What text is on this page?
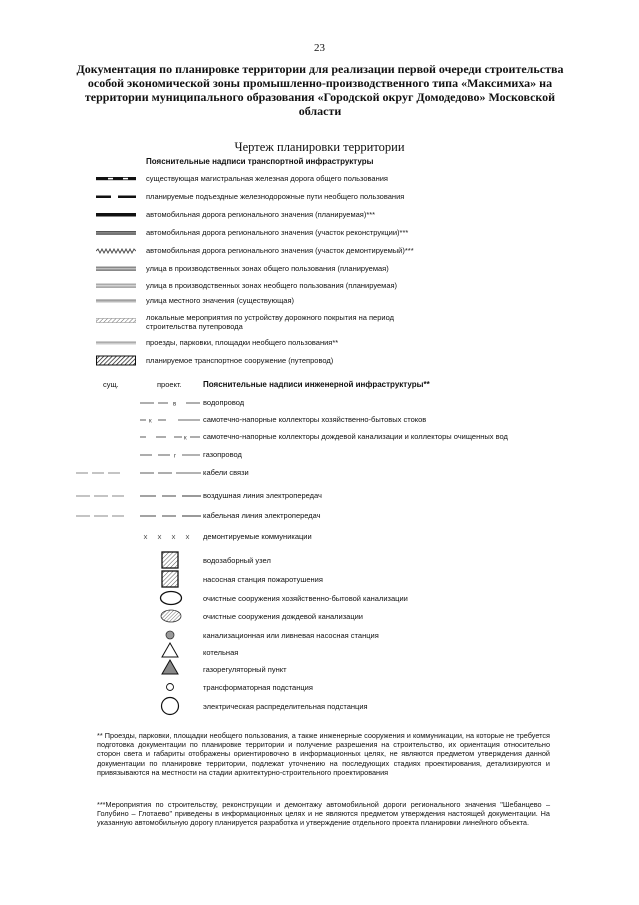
23
Документация по планировке территории для реализации первой очереди строительства
особой экономической зоны промышленно-производственного типа «Максимиха» на
территории муниципального образования «Городской округ Домодедово» Московской
области
Чертеж планировки территории
Пояснительные надписи транспортной инфраструктуры
существующая магистральная железная дорога общего пользования
планируемые подъездные железнодорожные пути необщего пользования
автомобильная дорога регионального значения (планируемая)***
автомобильная дорога регионального значения (участок реконструкции)***
автомобильная дорога регионального значения (участок демонтируемый)***
улица в производственных зонах общего пользования (планируемая)
улица в производственных зонах необщего пользования (планируемая)
улица местного значения (существующая)
локальные мероприятия по устройству дорожного покрытия на период
строительства путепровода
проезды, парковки, площадки необщего пользования**
планируемое транспортное сооружение (путепровод)
сущ.	проект.	Пояснительные надписи инженерной инфраструктуры**
в	водопровод
к	самотечно-напорные коллекторы хозяйственно-бытовых стоков
к самотечно-напорные коллекторы дождевой канализации и коллекторы очищенных вод
г	газопровод
кабели связи
воздушная линия электропередач
кабельная линия электропередач
демонтируемые коммуникации
водозаборный узел
насосная станция пожаротушения
очистные сооружения хозяйственно-бытовой канализации
очистные сооружения дождевой канализации
канализационная или ливневая насосная станция
котельная
газорегуляторный пункт
трансформаторная подстанция
электрическая распределительная подстанция
** Проезды, парковки, площадки необщего пользования, а также инженерные сооружения и коммуникации, на которые не требуется подготовка документации по планировке территории и получение разрешения на строительство, их ориентация относительно сторон света и габариты отображены ориентировочно в информационных целях, не являются предметом утверждения данной документации по планировке территории, подлежат уточнению на последующих стадиях проектирования, детализируются и привязываются на местности на стадии архитектурно-строительного проектирования
***Мероприятия по строительству, реконструкции и демонтажу автомобильной дороги регионального значения "Шебанцево – Голубино – Глотаево" приведены в информационных целях и не являются предметом утверждения настоящей документации. На указанную автомобильную дорогу планируется разработка и утверждение отдельного проекта планировки линейного объекта.
